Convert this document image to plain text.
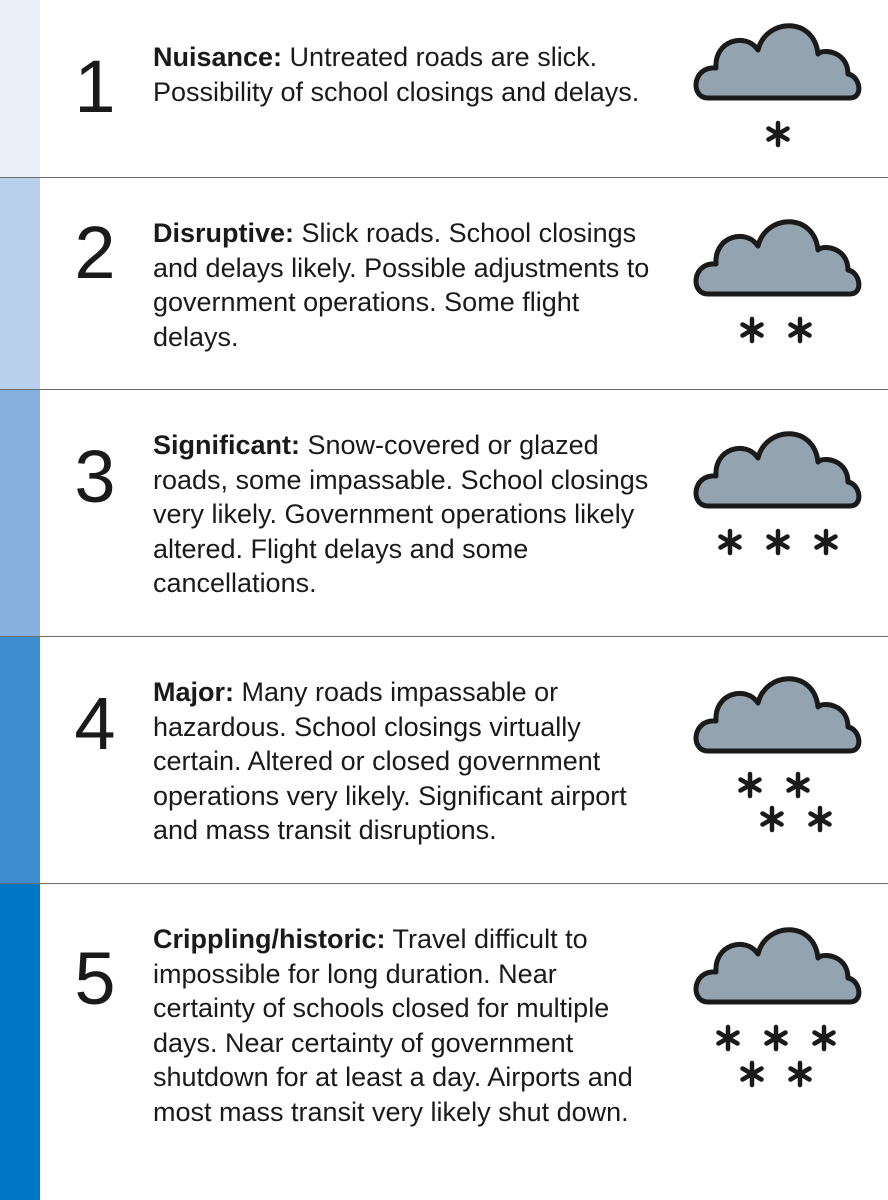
1	Nuisance: Untreated roads are slick. Possibility of school closings and delays.

2	Disruptive: Slick roads. School closings and delays likely. Possible adjustments to government operations. Some flight delays.

3	Significant: Snow-covered or glazed roads, some impassable. School closings very likely. Government operations likely altered. Flight delays and some cancellations.

4	Major: Many roads impassable or hazardous. School closings virtually certain. Altered or closed government operations very likely. Significant airport and mass transit disruptions.

5	Crippling/historic: Travel difficult to impossible for long duration. Near certainty of schools closed for multiple days. Near certainty of government shutdown for at least a day. Airports and most mass transit very likely shut down.
